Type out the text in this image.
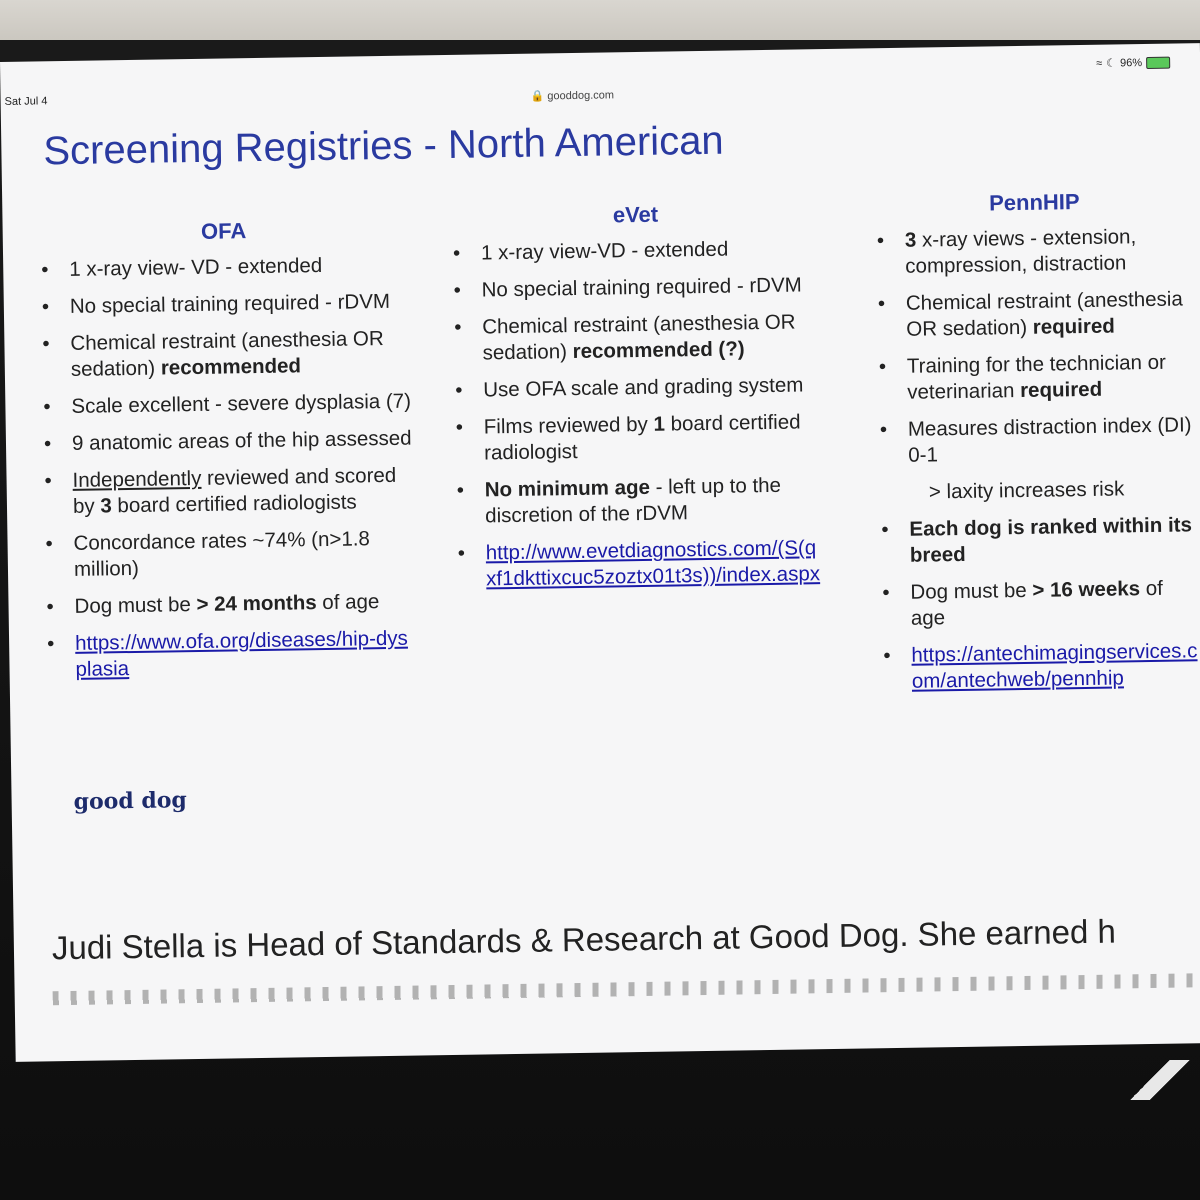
Sat Jul 4	🔒 gooddog.com
≈ ☾ 96%
Screening Registries - North American
OFA
• 1 x-ray view- VD - extended
• No special training required - rDVM
• Chemical restraint (anesthesia OR sedation) recommended
• Scale excellent - severe dysplasia (7)
• 9 anatomic areas of the hip assessed
• Independently reviewed and scored by 3 board certified radiologists
• Concordance rates ~74% (n>1.8 million)
• Dog must be > 24 months of age
• https://www.ofa.org/diseases/hip-dysplasia
eVet
• 1 x-ray view-VD - extended
• No special training required - rDVM
• Chemical restraint (anesthesia OR sedation) recommended (?)
• Use OFA scale and grading system
• Films reviewed by 1 board certified radiologist
• No minimum age - left up to the discretion of the rDVM
• http://www.evetdiagnostics.com/(S(qxf1dkttixcuc5zoztx01t3s))/index.aspx
PennHIP
• 3 x-ray views - extension, compression, distraction
• Chemical restraint (anesthesia OR sedation) required
• Training for the technician or veterinarian required
• Measures distraction index (DI) 0-1
> laxity increases risk
• Each dog is ranked within its breed
• Dog must be > 16 weeks of age
• https://antechimagingservices.com/antechweb/pennhip
good dog
Judi Stella is Head of Standards & Research at Good Dog. She earned h
